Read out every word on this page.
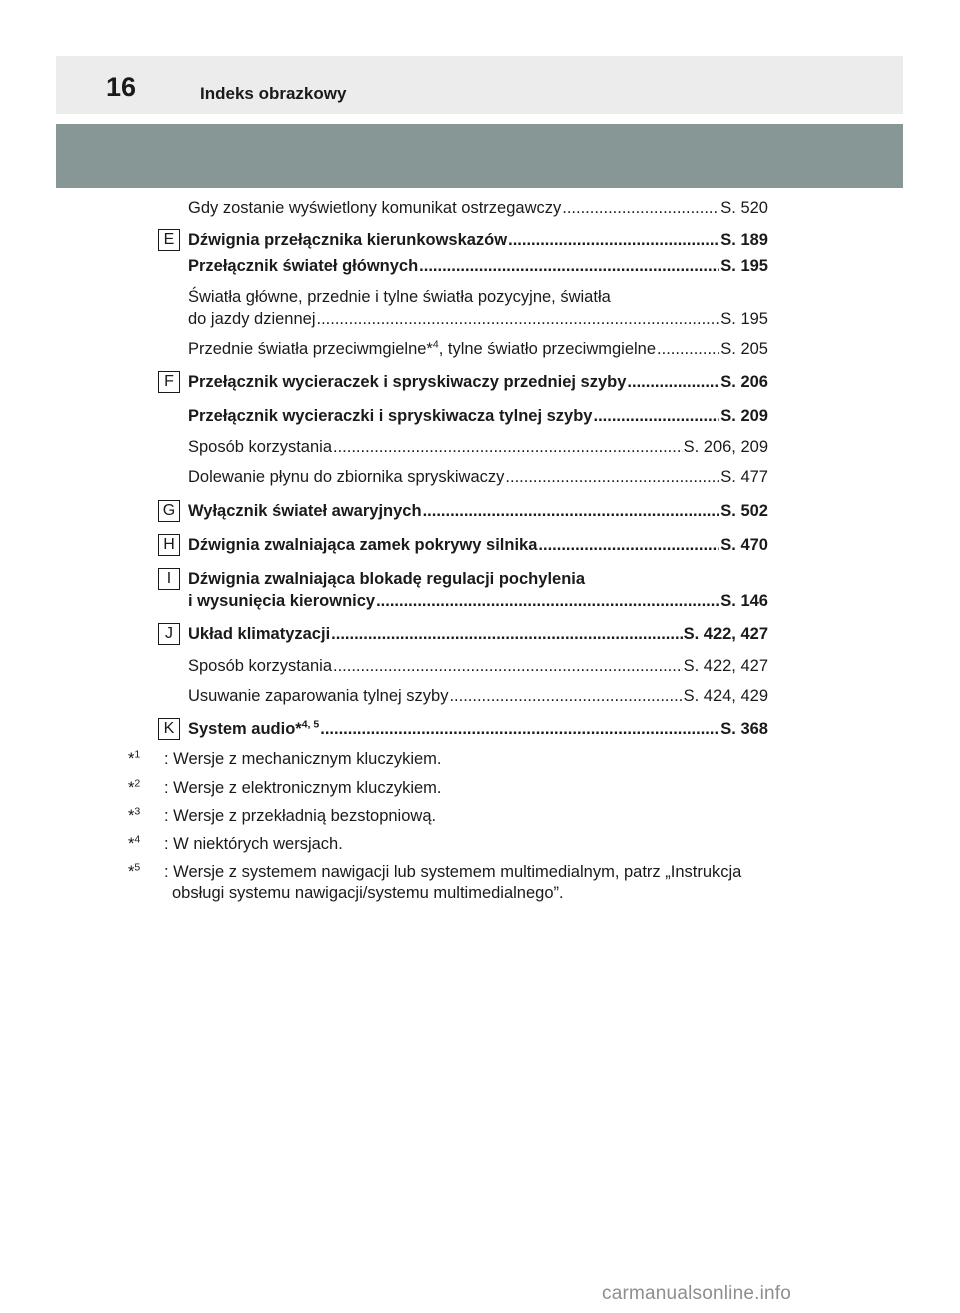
16	Indeks obrazkowy
Gdy zostanie wyświetlony komunikat ostrzegawczy .....	S. 520
E Dźwignia przełącznika kierunkowskazów .....	S. 189
Przełącznik świateł głównych .....	S. 195
Światła główne, przednie i tylne światła pozycyjne, światła
do jazdy dziennej .....	S. 195
Przednie światła przeciwmgielne*$^4$, tylne światło przeciwmgielne .....	S. 205
F Przełącznik wycieraczek i spryskiwaczy przedniej szyby .....	S. 206
Przełącznik wycieraczki i spryskiwacza tylnej szyby .....	S. 209
Sposób korzystania .....	S. 206, 209
Dolewanie płynu do zbiornika spryskiwaczy .....	S. 477
G Wyłącznik świateł awaryjnych .....	S. 502
H Dźwignia zwalniająca zamek pokrywy silnika .....	S. 470
I	Dźwignia zwalniająca blokadę regulacji pochylenia
i wysunięcia kierownicy .....	S. 146
J Układ klimatyzacji .....	S. 422, 427
Sposób korzystania .....	S. 422, 427
Usuwanie zaparowania tylnej szyby .....	S. 424, 429
K System audio*$^{4, 5}$ .....	S. 368
*$^1$ : Wersje z mechanicznym kluczykiem.
*$^2$ : Wersje z elektronicznym kluczykiem.
*$^3$ : Wersje z przekładnią bezstopniową.
*$^4$ : W niektórych wersjach.
*$^5$ : Wersje z systemem nawigacji lub systemem multimedialnym, patrz „Instrukcja
obsługi systemu nawigacji/systemu multimedialnego”.
carmanualsonline.info
